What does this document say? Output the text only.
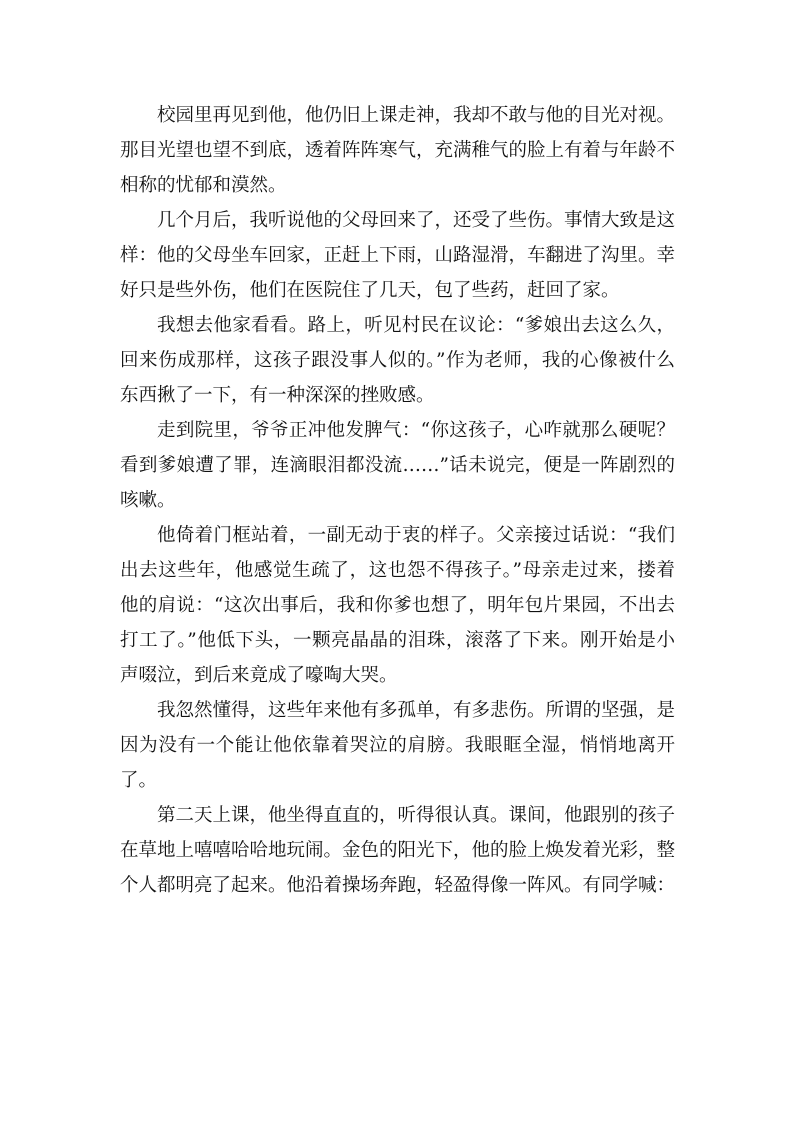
校园里再见到他，他仍旧上课走神，我却不敢与他的目光对视。那目光望也望不到底，透着阵阵寒气，充满稚气的脸上有着与年龄不相称的忧郁和漠然。

几个月后，我听说他的父母回来了，还受了些伤。事情大致是这样：他的父母坐车回家，正赶上下雨，山路湿滑，车翻进了沟里。幸好只是些外伤，他们在医院住了几天，包了些药，赶回了家。

我想去他家看看。路上，听见村民在议论：“爹娘出去这么久，回来伤成那样，这孩子跟没事人似的。”作为老师，我的心像被什么东西揪了一下，有一种深深的挫败感。

走到院里，爷爷正冲他发脾气：“你这孩子，心咋就那么硬呢？看到爹娘遭了罪，连滴眼泪都没流……”话未说完，便是一阵剧烈的咳嗽。

他倚着门框站着，一副无动于衷的样子。父亲接过话说：“我们出去这些年，他感觉生疏了，这也怨不得孩子。”母亲走过来，搂着他的肩说：“这次出事后，我和你爹也想了，明年包片果园，不出去打工了。”他低下头，一颗亮晶晶的泪珠，滚落了下来。刚开始是小声啜泣，到后来竟成了嚎啕大哭。

我忽然懂得，这些年来他有多孤单，有多悲伤。所谓的坚强，是因为没有一个能让他依靠着哭泣的肩膀。我眼眶全湿，悄悄地离开了。

第二天上课，他坐得直直的，听得很认真。课间，他跟别的孩子在草地上嘻嘻哈哈地玩闹。金色的阳光下，他的脸上焕发着光彩，整个人都明亮了起来。他沿着操场奔跑，轻盈得像一阵风。有同学喊：
